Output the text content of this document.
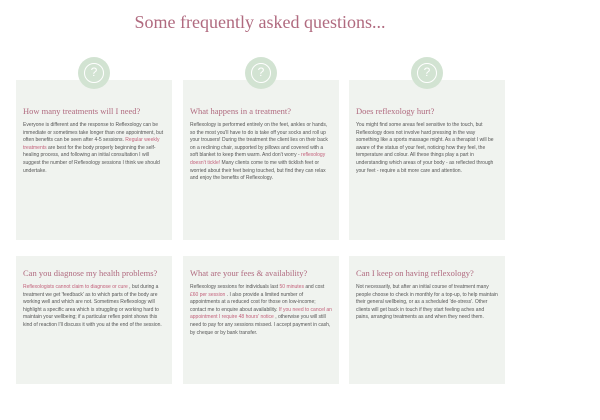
Some frequently asked questions...
?
How many treatments will I need?
Everyone is different and the response to Reflexology can be immediate or sometimes take longer than one appointment, but often benefits can be seen after 4-5 sessions. Regular weekly treatments are best for the body properly beginning the self-healing process, and following an initial consultation I will suggest the number of Reflexology sessions I think we should undertake.
?
What happens in a treatment?
Reflexology is performed entirely on the feet, ankles or hands, so the most you'll have to do is take off your socks and roll up your trousers! During the treatment the client lies on their back on a reclining chair, supported by pillows and covered with a soft blanket to keep them warm. And don't worry - reflexology doesn't tickle! Many clients come to me with ticklish feet or worried about their feet being touched, but find they can relax and enjoy the benefits of Reflexology.
?
Does reflexology hurt?
You might find some areas feel sensitive to the touch, but Reflexology does not involve hard pressing in the way something like a sports massage might. As a therapist I will be aware of the status of your feet, noticing how they feel, the temperature and colour. All these things play a part in understanding which areas of your body - as reflected through your feet - require a bit more care and attention.
Can you diagnose my health problems?
Reflexologists cannot claim to diagnose or cure , but during a treatment we get 'feedback' as to which parts of the body are working well and which are not. Sometimes Reflexology will highlight a specific area which is struggling or working hard to maintain your wellbeing; if a particular reflex point shows this kind of reaction I'll discuss it with you at the end of the session.
What are your fees & availability?
Reflexology sessions for individuals last 50 minutes and cost £60 per session . I also provide a limited number of appointments at a reduced cost for those on low-income; contact me to enquire about availability. If you need to cancel an appointment I require 48 hours' notice , otherwise you will still need to pay for any sessions missed. I accept payment in cash, by cheque or by bank transfer.
Can I keep on having reflexology?
Not necessarily, but after an initial course of treatment many people choose to check in monthly for a top-up, to help maintain their general wellbeing, or as a scheduled 'de-stress'. Other clients will get back in touch if they start feeling aches and pains, arranging treatments as and when they need them.
